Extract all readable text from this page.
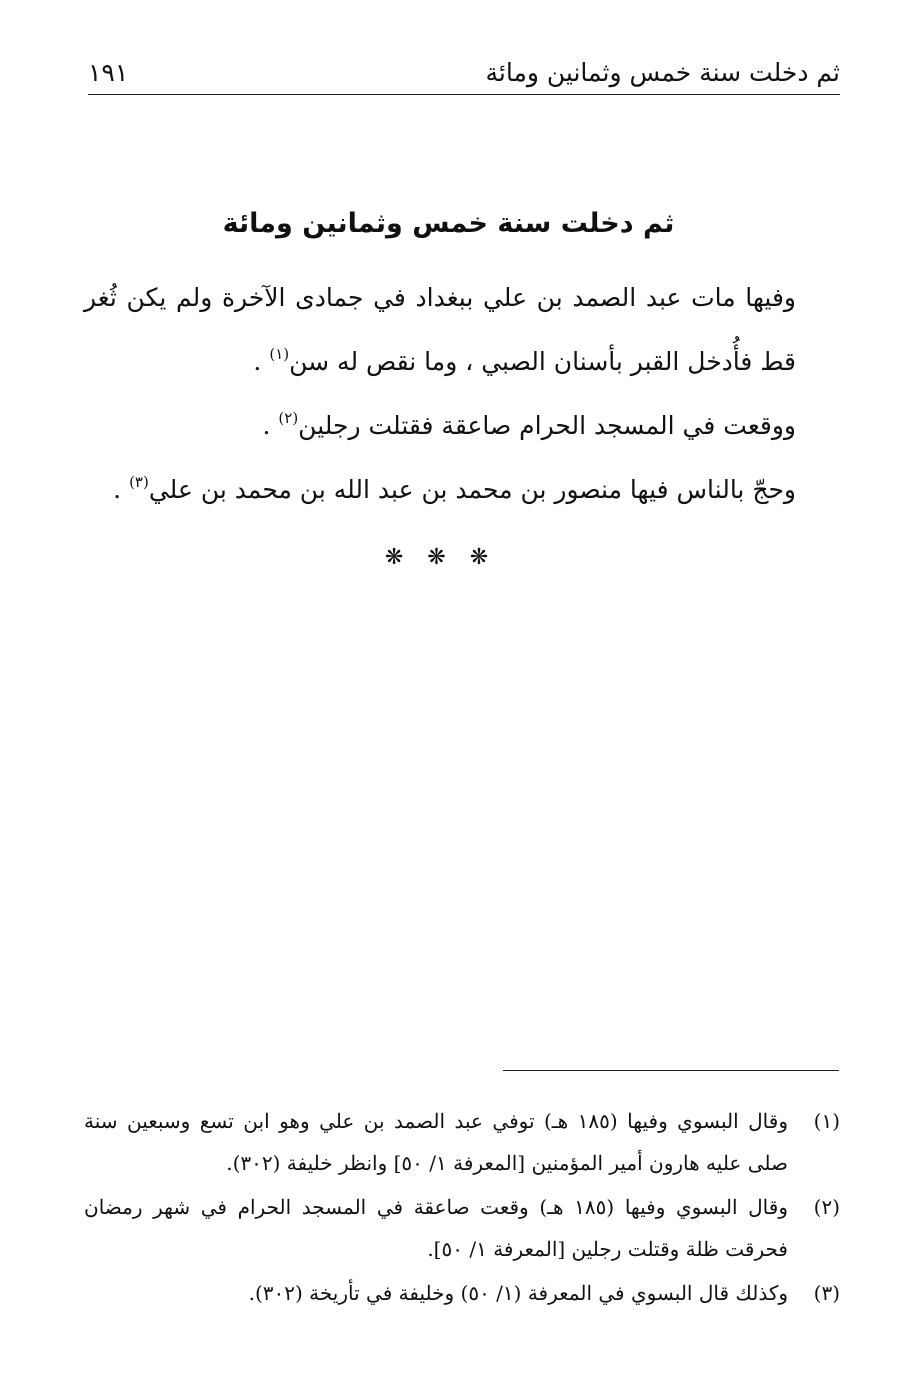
ثم دخلت سنة خمس وثمانين ومائة
١٩١
ثم دخلت سنة خمس وثمانين ومائة

وفيها مات عبد الصمد بن علي ببغداد في جمادى الآخرة ولم يكن ثُغر قط فأُدخل القبر بأسنان الصبي ، وما نقص له سن$^{(١)}$ .

ووقعت في المسجد الحرام صاعقة فقتلت رجلين$^{(٢)}$ .

وحجّ بالناس فيها منصور بن محمد بن عبد الله بن محمد بن علي$^{(٣)}$ .

❋❋❋

(١)
وقال البسوي وفيها (١٨٥ هـ) توفي عبد الصمد بن علي وهو ابن تسع وسبعين سنة صلى عليه هارون أمير المؤمنين [المعرفة ١/ ٥٠] وانظر خليفة (٣٠٢).

(٢)
وقال البسوي وفيها (١٨٥ هـ) وقعت صاعقة في المسجد الحرام في شهر رمضان فحرقت ظلة وقتلت رجلين [المعرفة ١/ ٥٠].

(٣)
وكذلك قال البسوي في المعرفة (١/ ٥٠) وخليفة في تأريخة (٣٠٢).
